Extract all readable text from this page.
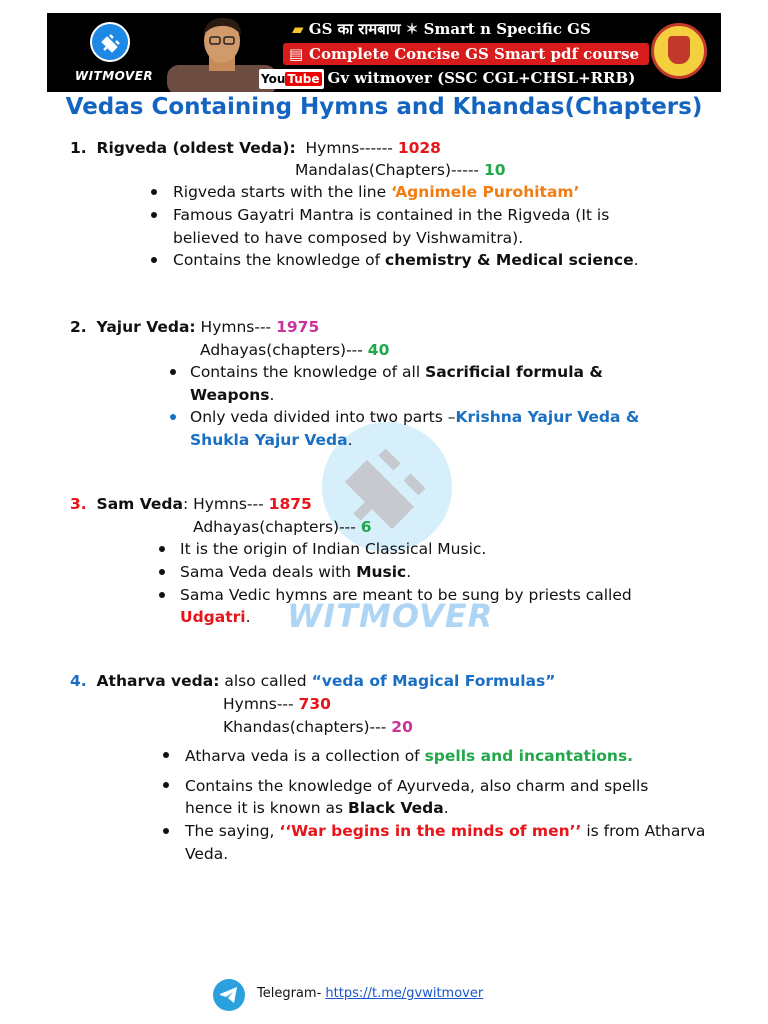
WITMOVER
▰ GS का रामबाण ✶ Smart n Specific GS
▤ Complete Concise GS Smart pdf course
You Tube Gv witmover (SSC CGL+CHSL+RRB)
Vedas Containing Hymns and Khandas(Chapters)
WITMOVER
1. Rigveda (oldest Veda): Hymns------ 1028
Mandalas(Chapters)----- 10
Rigveda starts with the line ‘Agnimele Purohitam’
Famous Gayatri Mantra is contained in the Rigveda (It is
believed to have composed by Vishwamitra).
Contains the knowledge of chemistry & Medical science.
2. Yajur Veda: Hymns--- 1975
Adhayas(chapters)--- 40
Contains the knowledge of all Sacrificial formula &
Weapons.
Only veda divided into two parts –Krishna Yajur Veda &
Shukla Yajur Veda.
3. Sam Veda: Hymns--- 1875
Adhayas(chapters)--- 6
It is the origin of Indian Classical Music.
Sama Veda deals with Music.
Sama Vedic hymns are meant to be sung by priests called
Udgatri.
4. Atharva veda: also called “veda of Magical Formulas”
Hymns--- 730
Khandas(chapters)--- 20
Atharva veda is a collection of spells and incantations.
Contains the knowledge of Ayurveda, also charm and spells
hence it is known as Black Veda.
The saying, ‘‘War begins in the minds of men’’ is from Atharva
Veda.
Telegram- https://t.me/gvwitmover
